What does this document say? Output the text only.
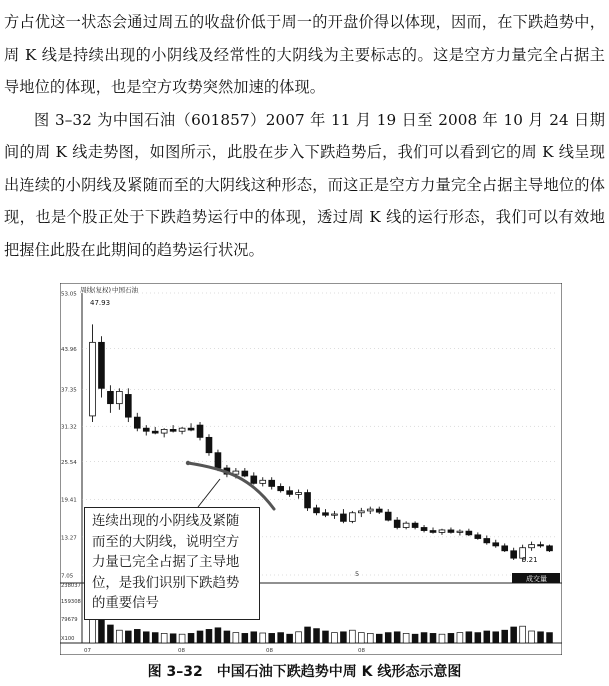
方占优这一状态会通过周五的收盘价低于周一的开盘价得以体现，因而，在下跌趋势中，周 K 线是持续出现的小阴线及经常性的大阴线为主要标志的。这是空方力量完全占据主导地位的体现，也是空方攻势突然加速的体现。

图 3–32 为中国石油（601857）2007 年 11 月 19 日至 2008 年 10 月 24 日期间的周 K 线走势图，如图所示，此股在步入下跌趋势后，我们可以看到它的周 K 线呈现出连续的小阴线及紧随而至的大阴线这种形态，而这正是空方力量完全占据主导地位的体现，也是个股正处于下跌趋势运行中的体现，透过周 K 线的运行形态，我们可以有效地把握住此股在此期间的趋势运行状况。

周线(复权) 中国石油
53.05
43.96
37.35
31.32
25.54
19.41
13.27
7.05
238037
159308
79679
X100
07	08	08	08
47.93
9.21
5
成交量
连续出现的小阴线及紧随而至的大阴线，说明空方力量已完全占据了主导地位，是我们识别下跌趋势的重要信号
图 3–32 中国石油下跌趋势中周 K 线形态示意图
